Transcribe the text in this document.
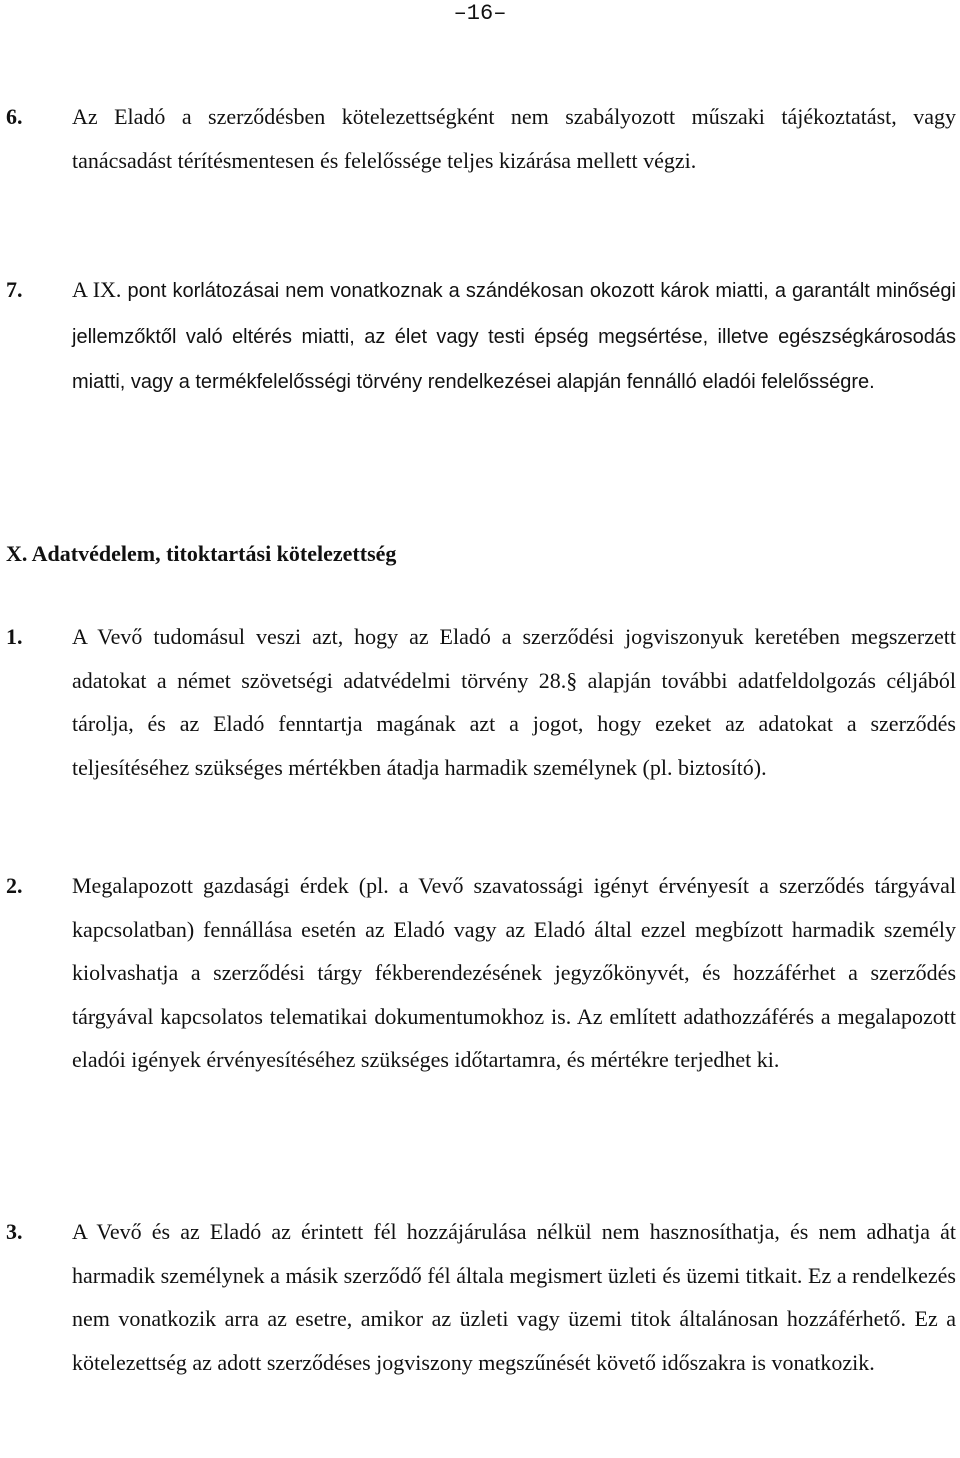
–16–
6. Az Eladó a szerződésben kötelezettségként nem szabályozott műszaki tájékoztatást, vagy tanácsadást térítésmentesen és felelőssége teljes kizárása mellett végzi.

7. A IX. pont korlátozásai nem vonatkoznak a szándékosan okozott károk miatti, a garantált minőségi jellemzőktől való eltérés miatti, az élet vagy testi épség megsértése, illetve egészségkárosodás miatti, vagy a termékfelelősségi törvény rendelkezései alapján fennálló eladói felelősségre.

X. Adatvédelem, titoktartási kötelezettség
1. A Vevő tudomásul veszi azt, hogy az Eladó a szerződési jogviszonyuk keretében megszerzett adatokat a német szövetségi adatvédelmi törvény 28.§ alapján további adatfeldolgozás céljából tárolja, és az Eladó fenntartja magának azt a jogot, hogy ezeket az adatokat a szerződés teljesítéséhez szükséges mértékben átadja harmadik személynek (pl. biztosító).

2. Megalapozott gazdasági érdek (pl. a Vevő szavatossági igényt érvényesít a szerződés tárgyával kapcsolatban) fennállása esetén az Eladó vagy az Eladó által ezzel megbízott harmadik személy kiolvashatja a szerződési tárgy fékberendezésének jegyzőkönyvét, és hozzáférhet a szerződés tárgyával kapcsolatos telematikai dokumentumokhoz is. Az említett adathozzáférés a megalapozott eladói igények érvényesítéséhez szükséges időtartamra, és mértékre terjedhet ki.

3. A Vevő és az Eladó az érintett fél hozzájárulása nélkül nem hasznosíthatja, és nem adhatja át harmadik személynek a másik szerződő fél általa megismert üzleti és üzemi titkait. Ez a rendelkezés nem vonatkozik arra az esetre, amikor az üzleti vagy üzemi titok általánosan hozzáférhető. Ez a kötelezettség az adott szerződéses jogviszony megszűnését követő időszakra is vonatkozik.
